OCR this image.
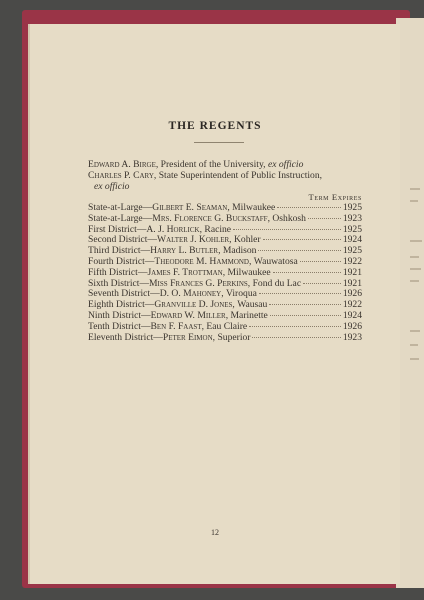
THE REGENTS
Edward A. Birge, President of the University, ex officio
Charles P. Cary, State Superintendent of Public Instruction,
ex officio
Term Expires
State-at-Large — Gilbert E. Seaman , Milwaukee	1925
State-at-Large — Mrs. Florence G. Buckstaff , Oshkosh	1923
First District — A. J. Horlick , Racine	1925
Second District — Walter J. Kohler , Kohler	1924
Third District — Harry L. Butler , Madison	1925
Fourth District — Theodore M. Hammond , Wauwatosa	1922
Fifth District — James F. Trottman , Milwaukee	1921
Sixth District — Miss Frances G. Perkins , Fond du Lac	1921
Seventh District — D. O. Mahoney , Viroqua	1926
Eighth District — Granville D. Jones , Wausau	1922
Ninth District — Edward W. Miller , Marinette	1924
Tenth District — Ben F. Faast , Eau Claire	1926
Eleventh District — Peter Eimon , Superior	1923
12
